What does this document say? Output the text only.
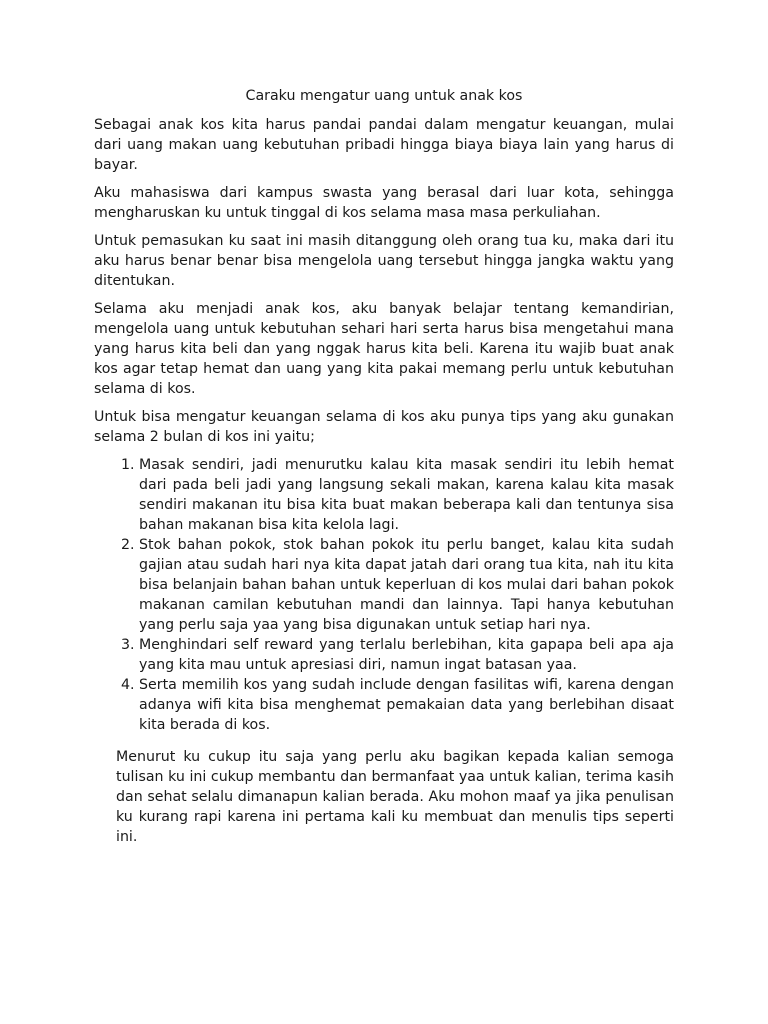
Caraku mengatur uang untuk anak kos

Sebagai anak kos kita harus pandai pandai dalam mengatur keuangan, mulai dari uang makan uang kebutuhan pribadi hingga biaya biaya lain yang harus di bayar.

Aku mahasiswa dari kampus swasta yang berasal dari luar kota, sehingga mengharuskan ku untuk tinggal di kos selama masa masa perkuliahan.

Untuk pemasukan ku saat ini masih ditanggung oleh orang tua ku, maka dari itu aku harus benar benar bisa mengelola uang tersebut hingga jangka waktu yang ditentukan.

Selama aku menjadi anak kos, aku banyak belajar tentang kemandirian, mengelola uang untuk kebutuhan sehari hari serta harus bisa mengetahui mana yang harus kita beli dan yang nggak harus kita beli. Karena itu wajib buat anak kos agar tetap hemat dan uang yang kita pakai memang perlu untuk kebutuhan selama di kos.

Untuk bisa mengatur keuangan selama di kos aku punya tips yang aku gunakan selama 2 bulan di kos ini yaitu;

1. Masak sendiri, jadi menurutku kalau kita masak sendiri itu lebih hemat dari pada beli jadi yang langsung sekali makan, karena kalau kita masak sendiri makanan itu bisa kita buat makan beberapa kali dan tentunya sisa bahan makanan bisa kita kelola lagi.
2. Stok bahan pokok, stok bahan pokok itu perlu banget, kalau kita sudah gajian atau sudah hari nya kita dapat jatah dari orang tua kita, nah itu kita bisa belanjain bahan bahan untuk keperluan di kos mulai dari bahan pokok makanan camilan kebutuhan mandi dan lainnya. Tapi hanya kebutuhan yang perlu saja yaa yang bisa digunakan untuk setiap hari nya.
3. Menghindari self reward yang terlalu berlebihan, kita gapapa beli apa aja yang kita mau untuk apresiasi diri, namun ingat batasan yaa.
4. Serta memilih kos yang sudah include dengan fasilitas wifi, karena dengan adanya wifi kita bisa menghemat pemakaian data yang berlebihan disaat kita berada di kos.

Menurut ku cukup itu saja yang perlu aku bagikan kepada kalian semoga tulisan ku ini cukup membantu dan bermanfaat yaa untuk kalian, terima kasih dan sehat selalu dimanapun kalian berada. Aku mohon maaf ya jika penulisan ku kurang rapi karena ini pertama kali ku membuat dan menulis tips seperti ini.
